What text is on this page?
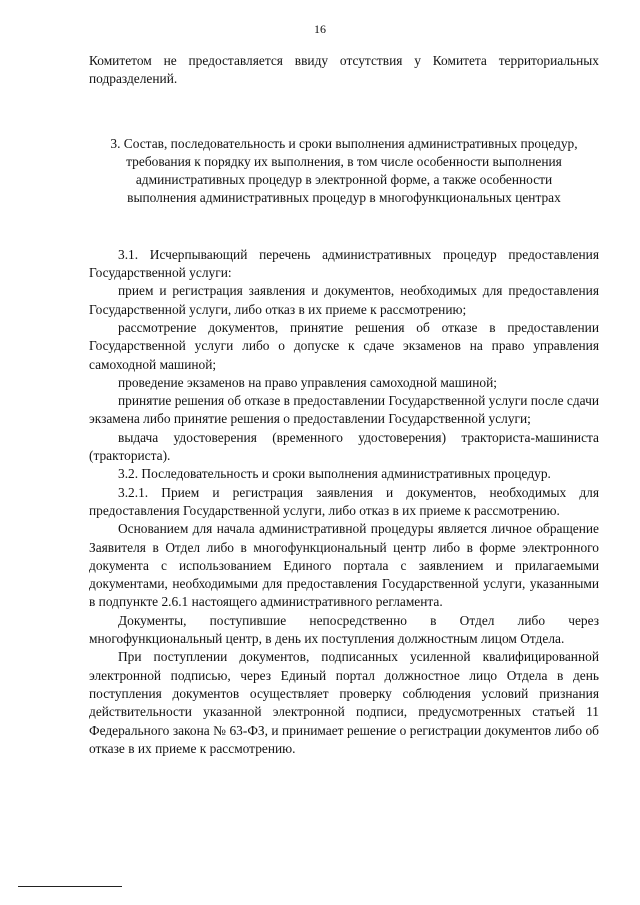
16

Комитетом не предоставляется ввиду отсутствия у Комитета территориальных подразделений.

3. Состав, последовательность и сроки выполнения административных процедур, требования к порядку их выполнения, в том числе особенности выполнения административных процедур в электронной форме, а также особенности выполнения административных процедур в многофункциональных центрах

3.1. Исчерпывающий перечень административных процедур предоставления Государственной услуги:

прием и регистрация заявления и документов, необходимых для предоставления Государственной услуги, либо отказ в их приеме к рассмотрению;

рассмотрение документов, принятие решения об отказе в предоставлении Государственной услуги либо о допуске к сдаче экзаменов на право управления самоходной машиной;

проведение экзаменов на право управления самоходной машиной;

принятие решения об отказе в предоставлении Государственной услуги после сдачи экзамена либо принятие решения о предоставлении Государственной услуги;

выдача удостоверения (временного удостоверения) тракториста-машиниста (тракториста).

3.2. Последовательность и сроки выполнения административных процедур.

3.2.1. Прием и регистрация заявления и документов, необходимых для предоставления Государственной услуги, либо отказ в их приеме к рассмотрению.

Основанием для начала административной процедуры является личное обращение Заявителя в Отдел либо в многофункциональный центр либо в форме электронного документа с использованием Единого портала с заявлением и прилагаемыми документами, необходимыми для предоставления Государственной услуги, указанными в подпункте 2.6.1 настоящего административного регламента.

Документы, поступившие непосредственно в Отдел либо через многофункциональный центр, в день их поступления должностным лицом Отдела.

При поступлении документов, подписанных усиленной квалифицированной электронной подписью, через Единый портал должностное лицо Отдела в день поступления документов осуществляет проверку соблюдения условий признания действительности указанной электронной подписи, предусмотренных статьей 11 Федерального закона № 63-ФЗ, и принимает решение о регистрации документов либо об отказе в их приеме к рассмотрению.
